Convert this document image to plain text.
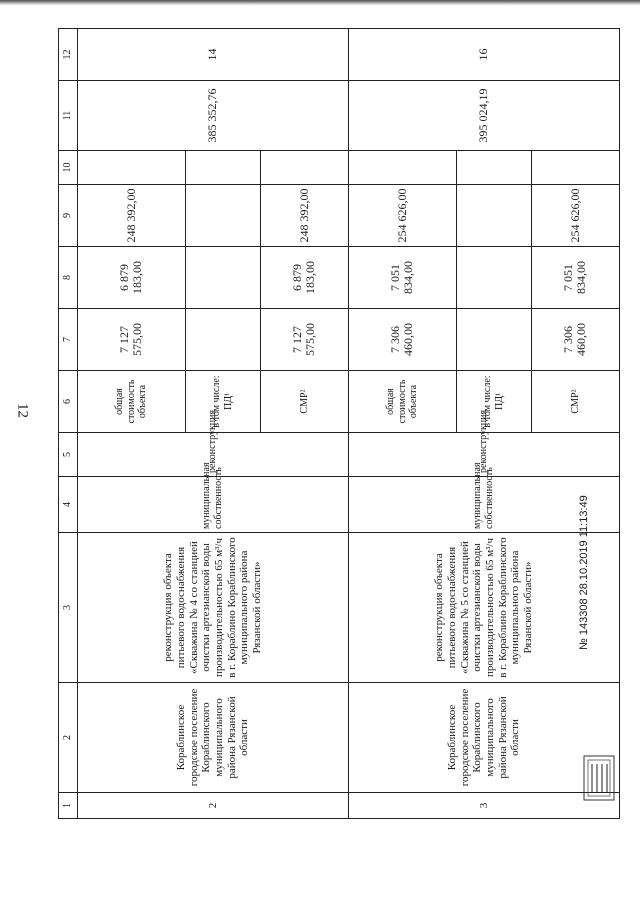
12
1	2	3	4	5	6	7	8	9	10	11	12
2	Кораблинское городское поселение Кораблинского муниципального района Рязанской области	реконструкция объекта питьевого водоснабжения «Скважина № 4 со станцией очистки артезианской воды производительностью 65 м³/ч в г. Кораблино Кораблинского муниципального района Рязанской области»	муниципальная собственность	реконструкция	общая стоимость объекта	7 127 575,00	6 879 183,00	248 392,00		385 352,76	14
					в том числе: ПД¹						
					СМР²	7 127 575,00	6 879 183,00	248 392,00			
3	Кораблинское городское поселение Кораблинского муниципального района Рязанской области	реконструкция объекта питьевого водоснабжения «Скважина № 5 со станцией очистки артезианской воды производительностью 65 м³/ч в г. Кораблино Кораблинского муниципального района Рязанской области»	муниципальная собственность	реконструкция	общая стоимость объекта	7 306 460,00	7 051 834,00	254 626,00		395 024,19	16
					в том числе: ПД¹						
					СМР²	7 306 460,00	7 051 834,00	254 626,00			
№ 143308 28.10.2019 11:13:49
